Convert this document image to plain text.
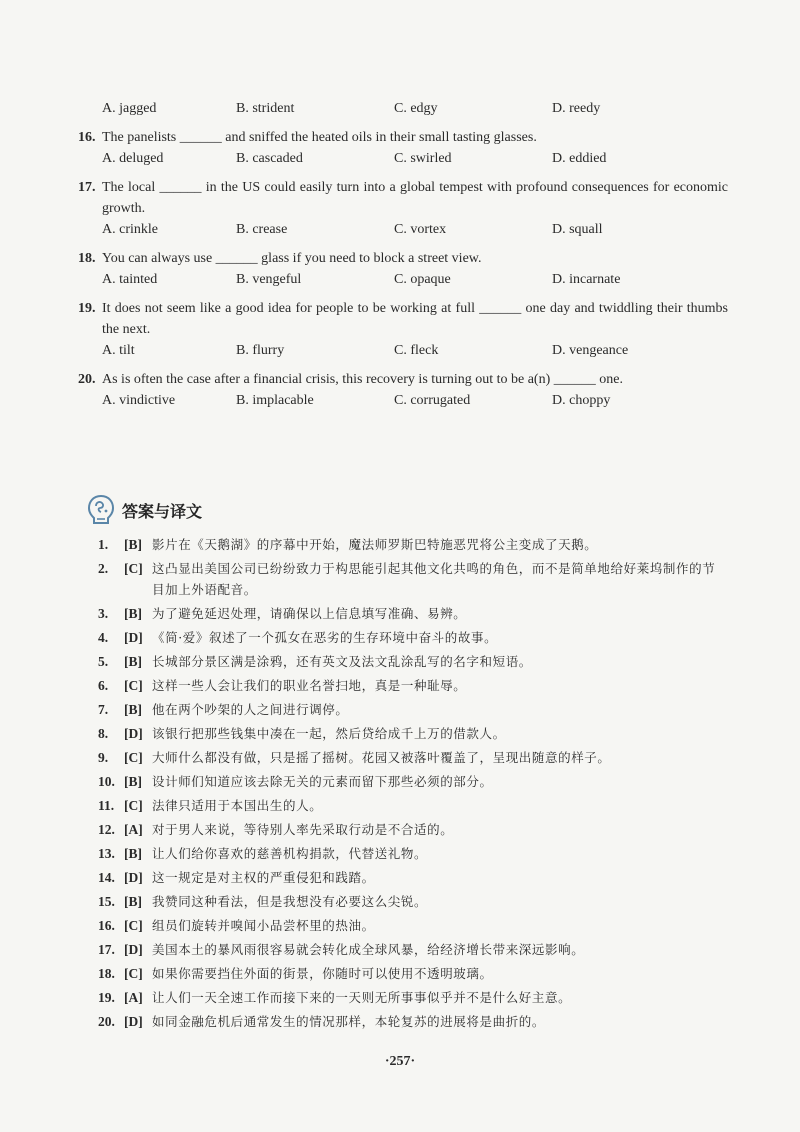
A. jagged	B. strident	C. edgy	D. reedy
16. The panelists ______ and sniffed the heated oils in their small tasting glasses.
A. deluged	B. cascaded	C. swirled	D. eddied
17. The local ______ in the US could easily turn into a global tempest with profound consequences for economic growth.
A. crinkle	B. crease	C. vortex	D. squall
18. You can always use ______ glass if you need to block a street view.
A. tainted	B. vengeful	C. opaque	D. incarnate
19. It does not seem like a good idea for people to be working at full ______ one day and twiddling their thumbs the next.
A. tilt	B. flurry	C. fleck	D. vengeance
20. As is often the case after a financial crisis, this recovery is turning out to be a(n) ______ one.
A. vindictive	B. implacable	C. corrugated	D. choppy
答案与译文
1.	[B] 影片在《天鹅湖》的序幕中开始，魔法师罗斯巴特施恶咒将公主变成了天鹅。
2.	[C] 这凸显出美国公司已纷纷致力于构思能引起其他文化共鸣的角色，而不是简单地给好莱坞制作的节目加上外语配音。
3.	[B] 为了避免延迟处理，请确保以上信息填写准确、易辨。
4.	[D] 《简·爱》叙述了一个孤女在恶劣的生存环境中奋斗的故事。
5.	[B] 长城部分景区满是涂鸦，还有英文及法文乱涂乱写的名字和短语。
6.	[C] 这样一些人会让我们的职业名誉扫地，真是一种耻辱。
7.	[B] 他在两个吵架的人之间进行调停。
8.	[D] 该银行把那些钱集中凑在一起，然后贷给成千上万的借款人。
9.	[C] 大师什么都没有做，只是摇了摇树。花园又被落叶覆盖了，呈现出随意的样子。
10. [B] 设计师们知道应该去除无关的元素而留下那些必须的部分。
11. [C] 法律只适用于本国出生的人。
12. [A] 对于男人来说，等待别人率先采取行动是不合适的。
13. [B] 让人们给你喜欢的慈善机构捐款，代替送礼物。
14. [D] 这一规定是对主权的严重侵犯和践踏。
15. [B] 我赞同这种看法，但是我想没有必要这么尖锐。
16. [C] 组员们旋转并嗅闻小品尝杯里的热油。
17. [D] 美国本土的暴风雨很容易就会转化成全球风暴，给经济增长带来深远影响。
18. [C] 如果你需要挡住外面的街景，你随时可以使用不透明玻璃。
19. [A] 让人们一天全速工作而接下来的一天则无所事事似乎并不是什么好主意。
20. [D] 如同金融危机后通常发生的情况那样，本轮复苏的进展将是曲折的。
·257·
